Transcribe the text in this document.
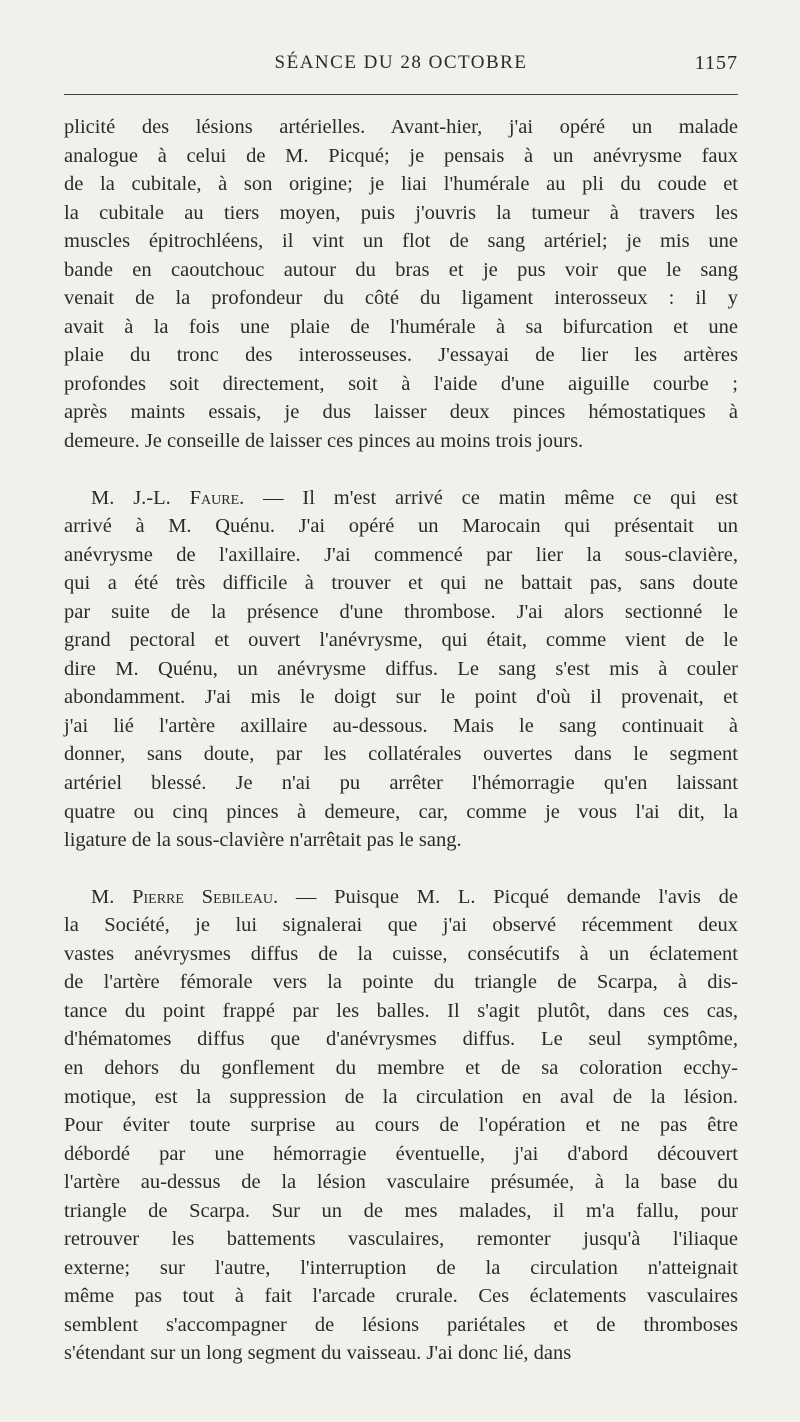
SÉANCE DU 28 OCTOBRE	1157
plicité des lésions artérielles. Avant-hier, j'ai opéré un malade
analogue à celui de M. Picqué; je pensais à un anévrysme faux
de la cubitale, à son origine; je liai l'humérale au pli du coude et
la cubitale au tiers moyen, puis j'ouvris la tumeur à travers les
muscles épitrochléens, il vint un flot de sang artériel; je mis une
bande en caoutchouc autour du bras et je pus voir que le sang
venait de la profondeur du côté du ligament interosseux : il y
avait à la fois une plaie de l'humérale à sa bifurcation et une
plaie du tronc des interosseuses. J'essayai de lier les artères
profondes soit directement, soit à l'aide d'une aiguille courbe ;
après maints essais, je dus laisser deux pinces hémostatiques à
demeure. Je conseille de laisser ces pinces au moins trois jours.
M. J.-L. Faure. — Il m'est arrivé ce matin même ce qui est
arrivé à M. Quénu. J'ai opéré un Marocain qui présentait un
anévrysme de l'axillaire. J'ai commencé par lier la sous-clavière,
qui a été très difficile à trouver et qui ne battait pas, sans doute
par suite de la présence d'une thrombose. J'ai alors sectionné le
grand pectoral et ouvert l'anévrysme, qui était, comme vient de le
dire M. Quénu, un anévrysme diffus. Le sang s'est mis à couler
abondamment. J'ai mis le doigt sur le point d'où il provenait, et
j'ai lié l'artère axillaire au-dessous. Mais le sang continuait à
donner, sans doute, par les collatérales ouvertes dans le segment
artériel blessé. Je n'ai pu arrêter l'hémorragie qu'en laissant
quatre ou cinq pinces à demeure, car, comme je vous l'ai dit, la
ligature de la sous-clavière n'arrêtait pas le sang.
M. Pierre Sebileau. — Puisque M. L. Picqué demande l'avis de
la Société, je lui signalerai que j'ai observé récemment deux
vastes anévrysmes diffus de la cuisse, consécutifs à un éclatement
de l'artère fémorale vers la pointe du triangle de Scarpa, à dis-
tance du point frappé par les balles. Il s'agit plutôt, dans ces cas,
d'hématomes diffus que d'anévrysmes diffus. Le seul symptôme,
en dehors du gonflement du membre et de sa coloration ecchy-
motique, est la suppression de la circulation en aval de la lésion.
Pour éviter toute surprise au cours de l'opération et ne pas être
débordé par une hémorragie éventuelle, j'ai d'abord découvert
l'artère au-dessus de la lésion vasculaire présumée, à la base du
triangle de Scarpa. Sur un de mes malades, il m'a fallu, pour
retrouver les battements vasculaires, remonter jusqu'à l'iliaque
externe; sur l'autre, l'interruption de la circulation n'atteignait
même pas tout à fait l'arcade crurale. Ces éclatements vasculaires
semblent s'accompagner de lésions pariétales et de thromboses
s'étendant sur un long segment du vaisseau. J'ai donc lié, dans
